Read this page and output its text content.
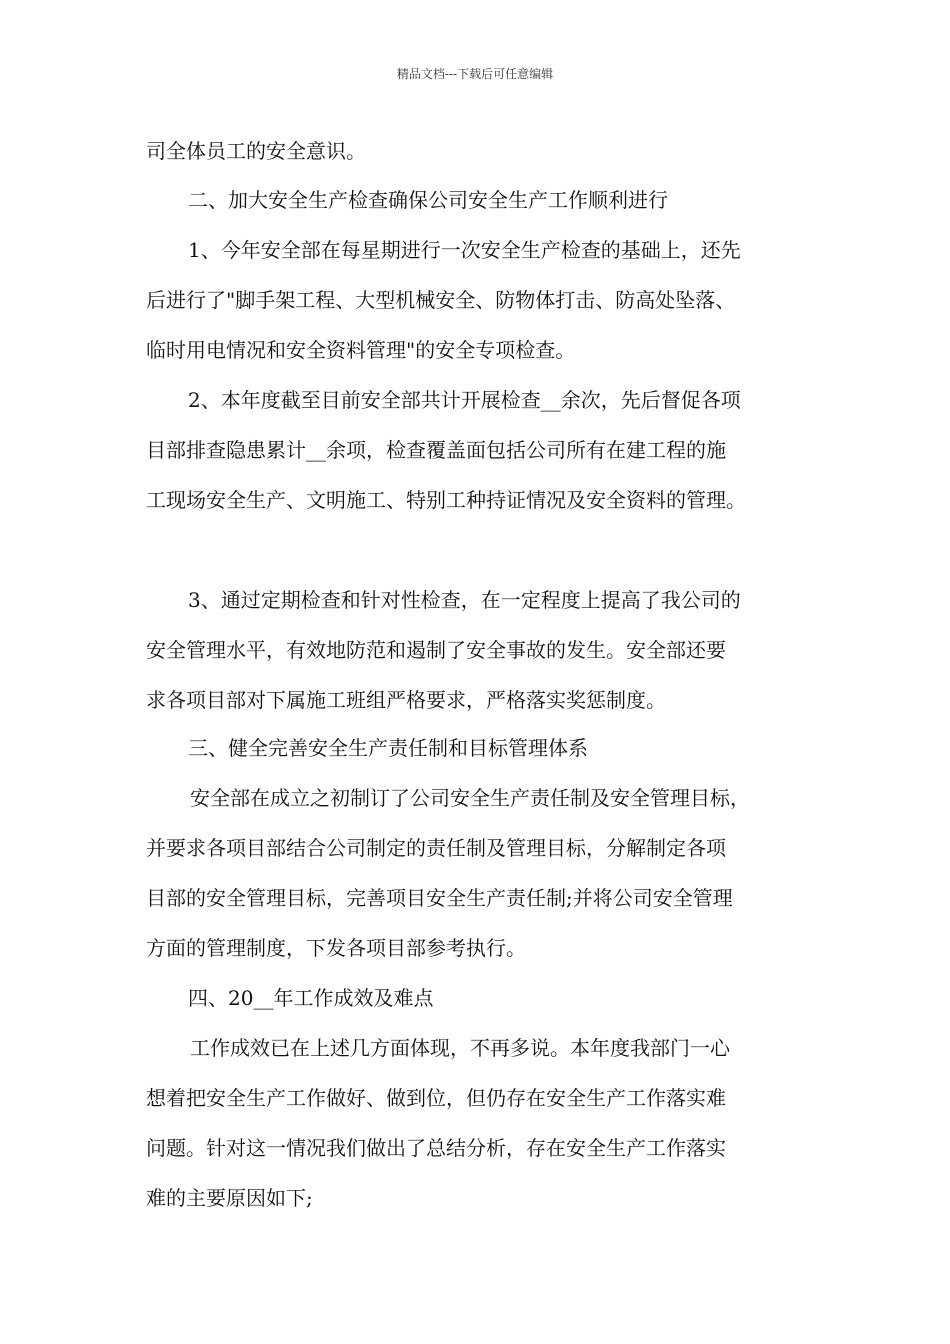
精品文档---下载后可任意编辑
司全体员工的安全意识。
二、加大安全生产检查确保公司安全生产工作顺利进行
1、今年安全部在每星期进行一次安全生产检查的基础上，还先
后进行了"脚手架工程、大型机械安全、防物体打击、防高处坠落、
临时用电情况和安全资料管理"的安全专项检查。
2、本年度截至目前安全部共计开展检查__余次，先后督促各项
目部排查隐患累计__余项，检查覆盖面包括公司所有在建工程的施
工现场安全生产、文明施工、特别工种持证情况及安全资料的管理。
3、通过定期检查和针对性检查，在一定程度上提高了我公司的
安全管理水平，有效地防范和遏制了安全事故的发生。安全部还要
求各项目部对下属施工班组严格要求，严格落实奖惩制度。
三、健全完善安全生产责任制和目标管理体系
安全部在成立之初制订了公司安全生产责任制及安全管理目标，
并要求各项目部结合公司制定的责任制及管理目标，分解制定各项
目部的安全管理目标，完善项目安全生产责任制;并将公司安全管理
方面的管理制度，下发各项目部参考执行。
四、20__年工作成效及难点
工作成效已在上述几方面体现，不再多说。本年度我部门一心
想着把安全生产工作做好、做到位，但仍存在安全生产工作落实难
问题。针对这一情况我们做出了总结分析，存在安全生产工作落实
难的主要原因如下;
